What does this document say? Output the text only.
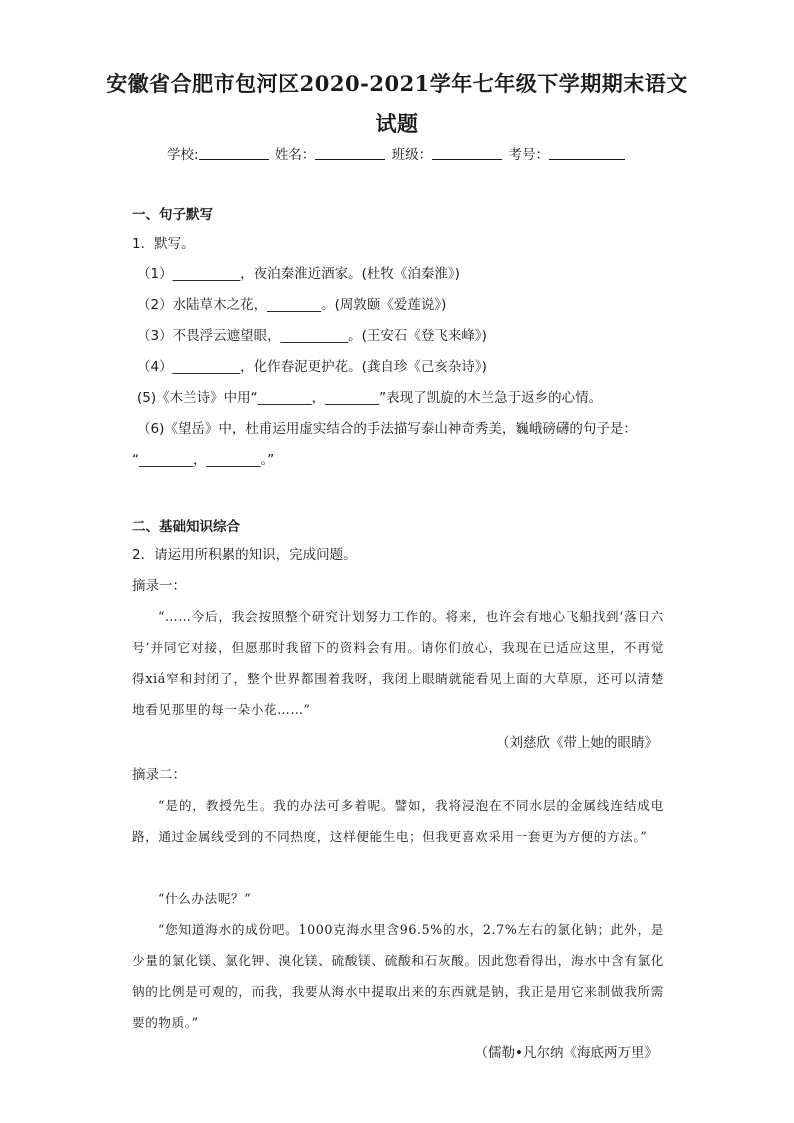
安徽省合肥市包河区2020-2021学年七年级下学期期末语文
试题
学校:	姓名：	班级：	考号：
一、句子默写
1．默写。
（1）__________，夜泊秦淮近酒家。(杜牧《泊秦淮》)
（2）水陆草木之花，________。(周敦颐《爱莲说》)
（3）不畏浮云遮望眼，__________。(王安石《登飞来峰》)
（4）__________，化作春泥更护花。(龚自珍《己亥杂诗》)
(5)《木兰诗》中用“________，________”表现了凯旋的木兰急于返乡的心情。
（6)《望岳》中，杜甫运用虚实结合的手法描写泰山神奇秀美，巍峨磅礴的句子是：
“________，________。”
二、基础知识综合
2．请运用所积累的知识，完成问题。
摘录一：
“……今后，我会按照整个研究计划努力工作的。将来，也许会有地心飞船找到‘落日六号’并同它对接，但愿那时我留下的资料会有用。请你们放心，我现在已适应这里，不再觉得xiá窄和封闭了，整个世界都围着我呀，我闭上眼睛就能看见上面的大草原，还可以清楚地看见那里的每一朵小花……”
（刘慈欣《带上她的眼睛》
摘录二：
“是的，教授先生。我的办法可多着呢。譬如，我将浸泡在不同水层的金属线连结成电路，通过金属线受到的不同热度，这样便能生电；但我更喜欢采用一套更为方便的方法。”
“什么办法呢？”
“您知道海水的成份吧。1000克海水里含96.5%的水，2.7%左右的氯化钠；此外，是少量的氯化镁、氯化钾、溴化镁、硫酸镁、硫酸和石灰酸。因此您看得出，海水中含有氯化钠的比例是可观的，而我，我要从海水中提取出来的东西就是钠，我正是用它来制做我所需要的物质。”
（儒勒•凡尔纳《海底两万里》
